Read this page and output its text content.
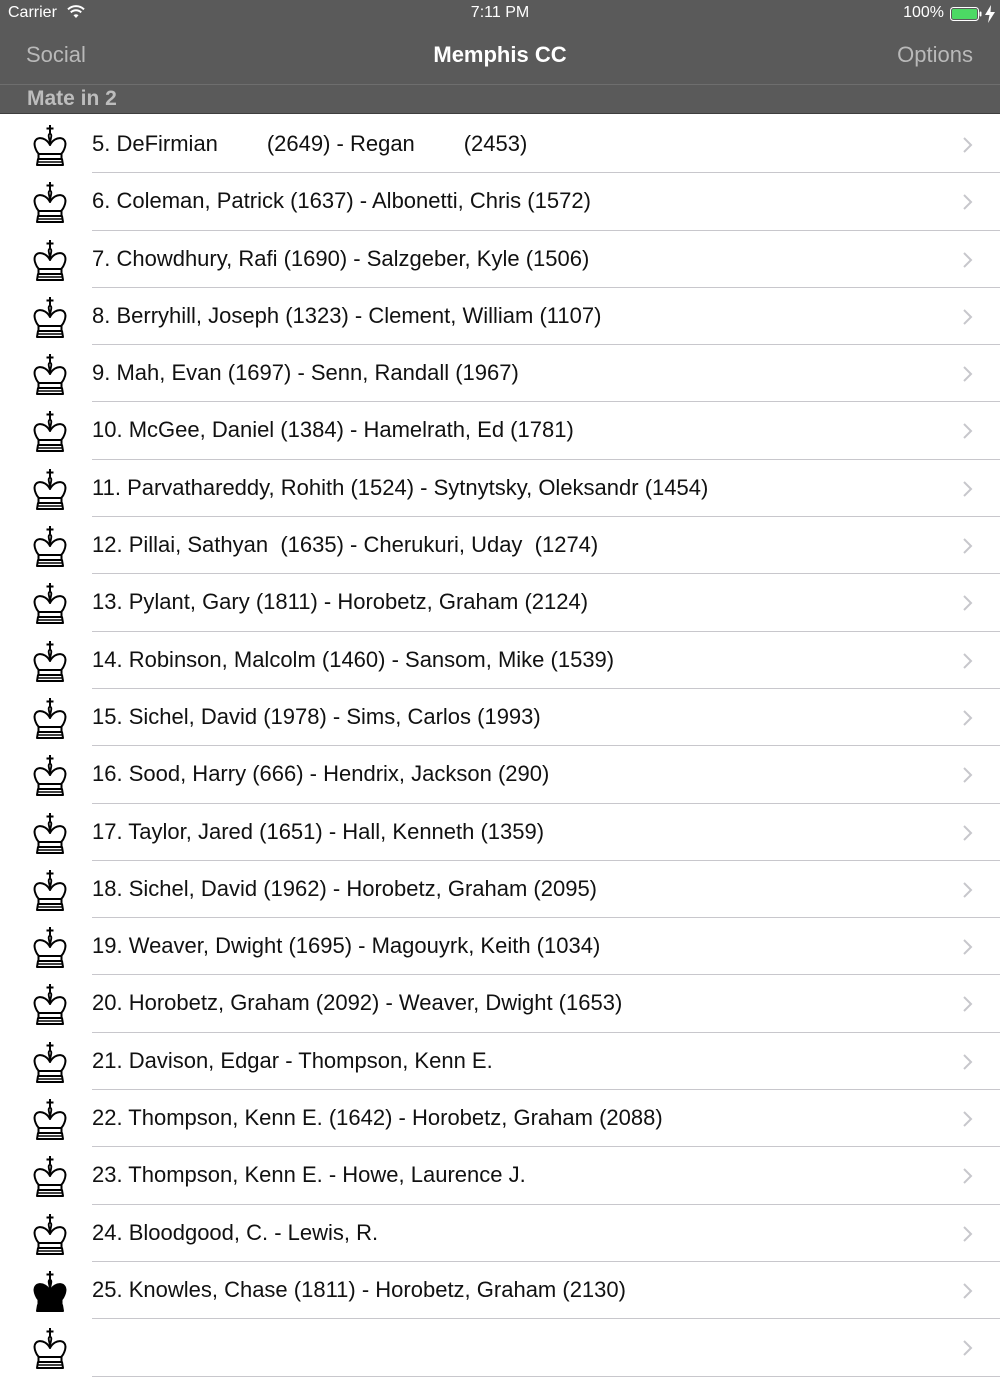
Carrier	7:11 PM	100%
Social	Memphis CC	Options
Mate in 2
5. DeFirmian        (2649) - Regan        (2453)
6. Coleman, Patrick (1637) - Albonetti, Chris (1572)
7. Chowdhury, Rafi (1690) - Salzgeber, Kyle (1506)
8. Berryhill, Joseph (1323) - Clement, William (1107)
9. Mah, Evan (1697) - Senn, Randall (1967)
10. McGee, Daniel (1384) - Hamelrath, Ed (1781)
11. Parvathareddy, Rohith (1524) - Sytnytsky, Oleksandr (1454)
12. Pillai, Sathyan  (1635) - Cherukuri, Uday  (1274)
13. Pylant, Gary (1811) - Horobetz, Graham (2124)
14. Robinson, Malcolm (1460) - Sansom, Mike (1539)
15. Sichel, David (1978) - Sims, Carlos (1993)
16. Sood, Harry (666) - Hendrix, Jackson (290)
17. Taylor, Jared (1651) - Hall, Kenneth (1359)
18. Sichel, David (1962) - Horobetz, Graham (2095)
19. Weaver, Dwight (1695) - Magouyrk, Keith (1034)
20. Horobetz, Graham (2092) - Weaver, Dwight (1653)
21. Davison, Edgar - Thompson, Kenn E.
22. Thompson, Kenn E. (1642) - Horobetz, Graham (2088)
23. Thompson, Kenn E. - Howe, Laurence J.
24. Bloodgood, C. - Lewis, R.
25. Knowles, Chase (1811) - Horobetz, Graham (2130)
